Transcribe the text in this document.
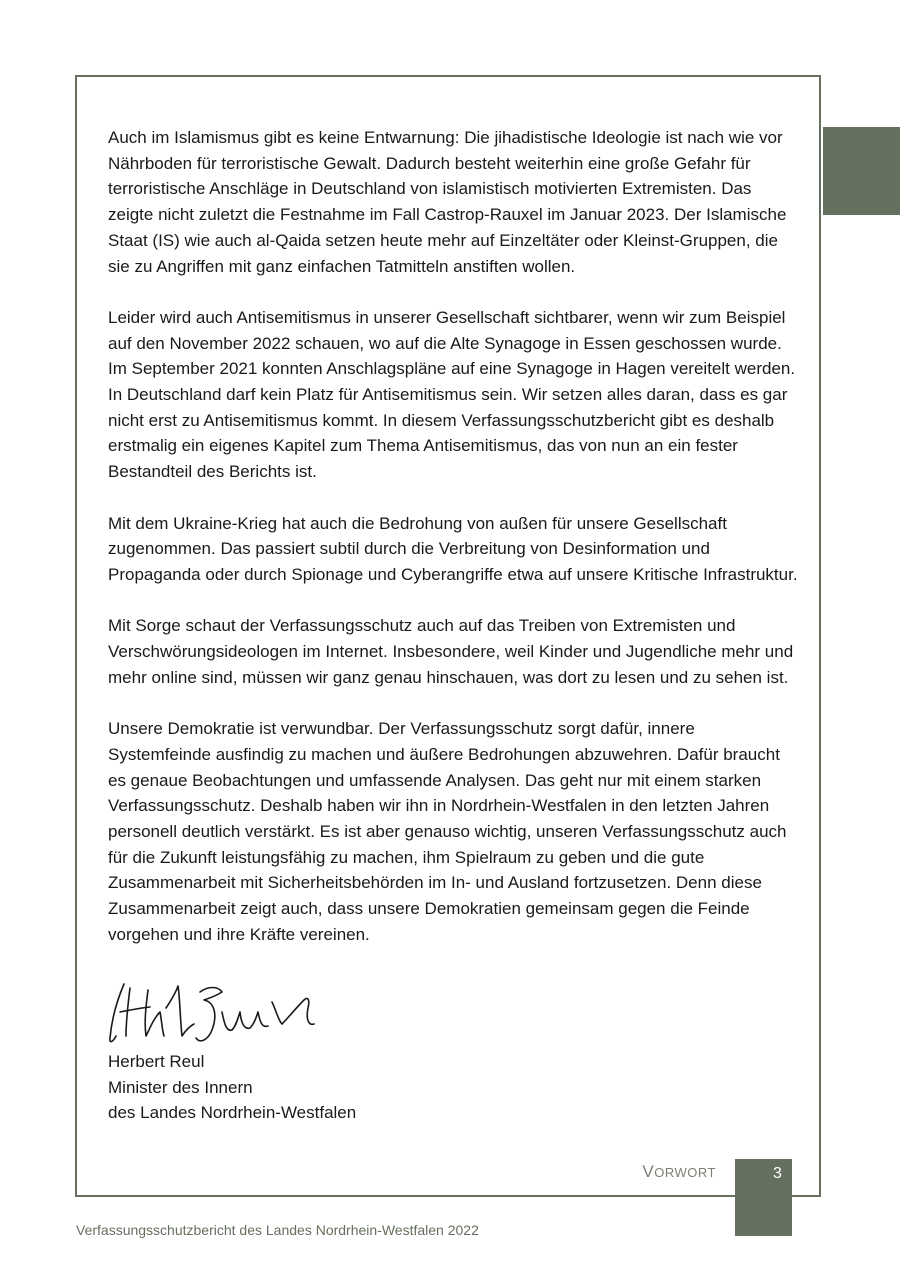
Auch im Islamismus gibt es keine Entwarnung: Die jihadistische Ideologie ist nach wie vor Nährboden für terroristische Gewalt. Dadurch besteht weiterhin eine große Gefahr für terroristische Anschläge in Deutschland von islamistisch motivierten Extremisten. Das zeigte nicht zuletzt die Festnahme im Fall Castrop-Rauxel im Januar 2023. Der Islamische Staat (IS) wie auch al-Qaida setzen heute mehr auf Einzeltäter oder Kleinst-Gruppen, die sie zu Angriffen mit ganz einfachen Tatmitteln anstiften wollen.

Leider wird auch Antisemitismus in unserer Gesellschaft sichtbarer, wenn wir zum Beispiel auf den November 2022 schauen, wo auf die Alte Synagoge in Essen geschossen wurde. Im September 2021 konnten Anschlagspläne auf eine Synagoge in Hagen vereitelt werden. In Deutschland darf kein Platz für Antisemitismus sein. Wir setzen alles daran, dass es gar nicht erst zu Antisemitismus kommt. In diesem Verfassungsschutzbericht gibt es deshalb erstmalig ein eigenes Kapitel zum Thema Antisemitismus, das von nun an ein fester Bestandteil des Berichts ist.

Mit dem Ukraine-Krieg hat auch die Bedrohung von außen für unsere Gesellschaft zugenommen. Das passiert subtil durch die Verbreitung von Desinformation und Propaganda oder durch Spionage und Cyberangriffe etwa auf unsere Kritische Infrastruktur.

Mit Sorge schaut der Verfassungsschutz auch auf das Treiben von Extremisten und Verschwörungsideologen im Internet. Insbesondere, weil Kinder und Jugendliche mehr und mehr online sind, müssen wir ganz genau hinschauen, was dort zu lesen und zu sehen ist.

Unsere Demokratie ist verwundbar. Der Verfassungsschutz sorgt dafür, innere Systemfeinde ausfindig zu machen und äußere Bedrohungen abzuwehren. Dafür braucht es genaue Beobachtungen und umfassende Analysen. Das geht nur mit einem starken Verfassungsschutz. Deshalb haben wir ihn in Nordrhein-Westfalen in den letzten Jahren personell deutlich verstärkt. Es ist aber genauso wichtig, unseren Verfassungsschutz auch für die Zukunft leistungsfähig zu machen, ihm Spielraum zu geben und die gute Zusammenarbeit mit Sicherheitsbehörden im In- und Ausland fortzusetzen. Denn diese Zusammenarbeit zeigt auch, dass unsere Demokratien gemeinsam gegen die Feinde vorgehen und ihre Kräfte vereinen.

Herbert Reul
Minister des Innern
des Landes Nordrhein-Westfalen
VORWORT	3
Verfassungsschutzbericht des Landes Nordrhein-Westfalen 2022
